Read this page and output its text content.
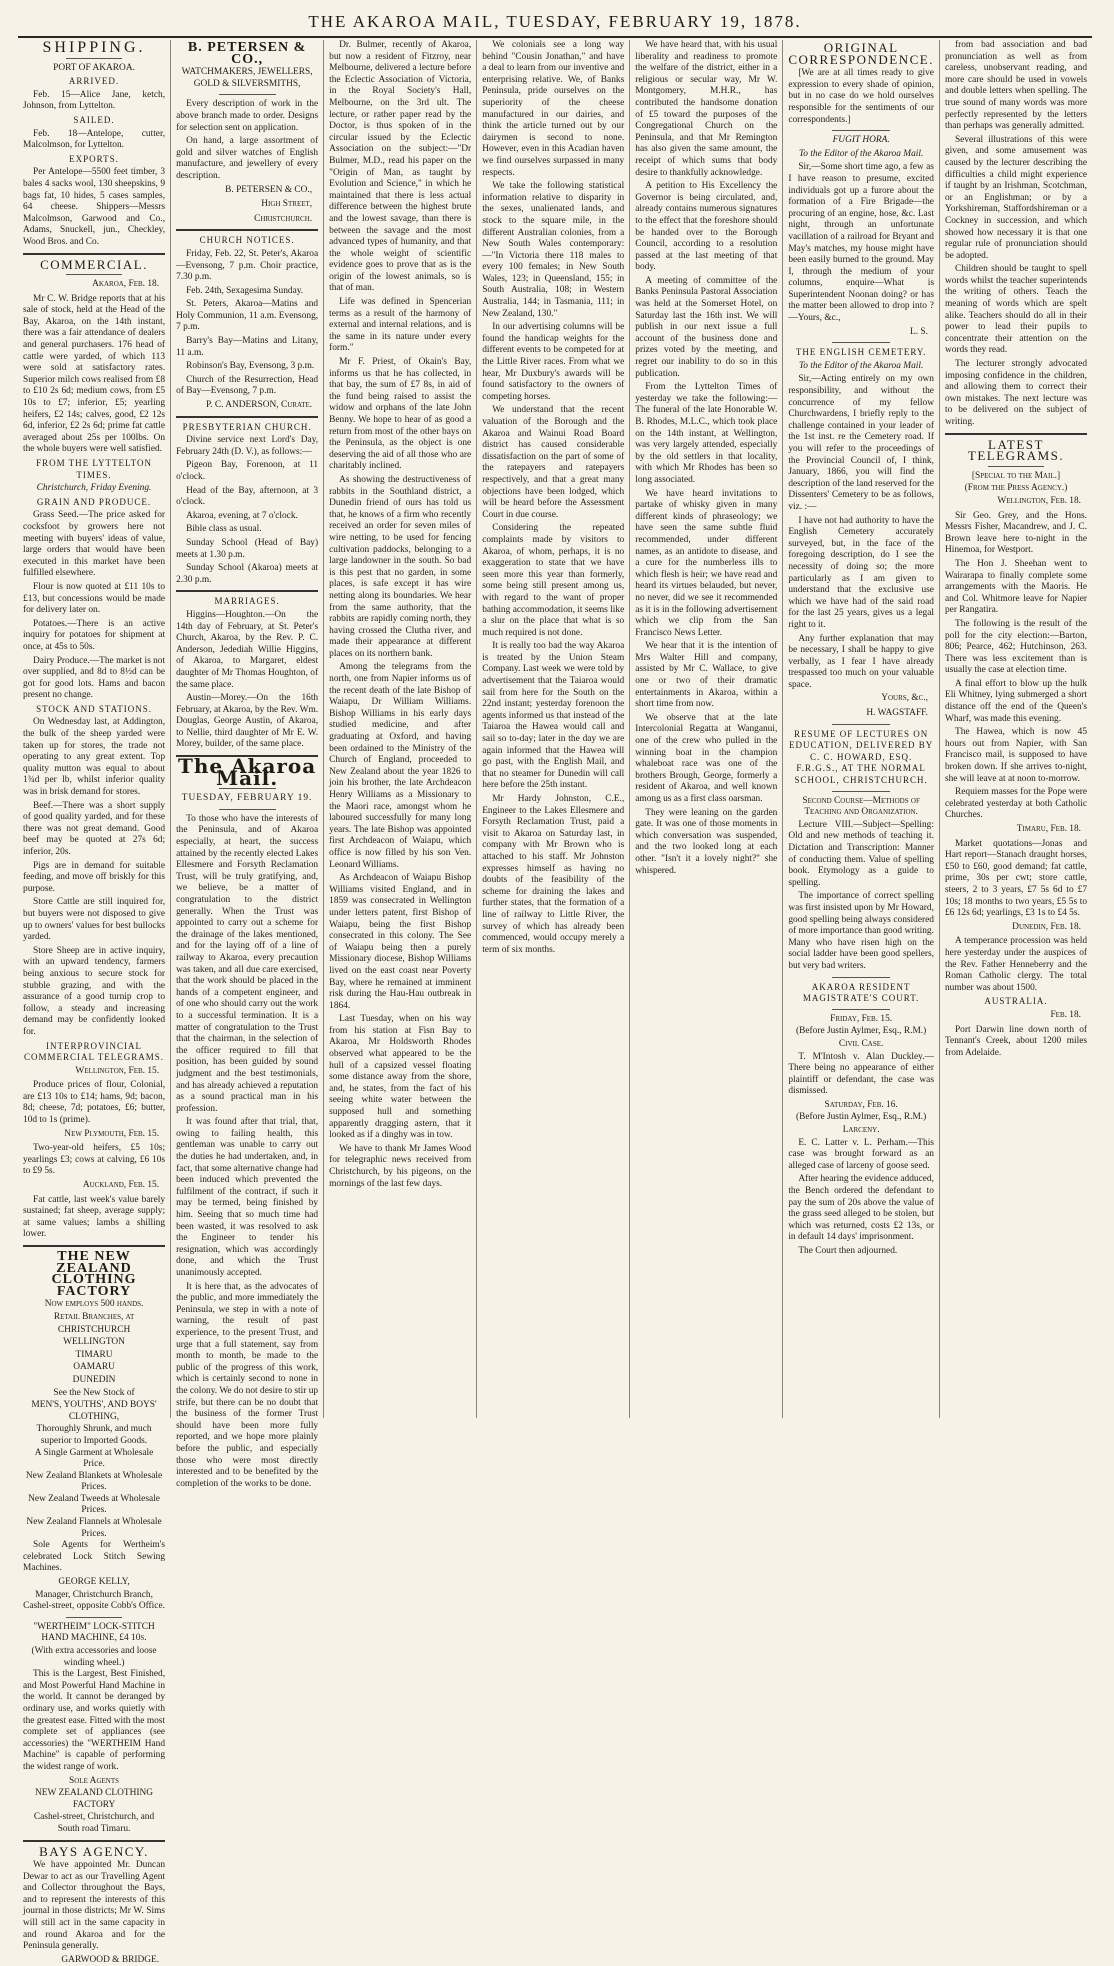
THE AKAROA MAIL, TUESDAY, FEBRUARY 19, 1878.
SHIPPING.
PORT OF AKAROA.
ARRIVED.

Feb. 15—Alice Jane, ketch, Johnson, from Lyttelton.

SAILED.

Feb. 18—Antelope, cutter, Malcolmson, for Lyttelton.

EXPORTS.

Per Antelope—5500 feet timber, 3 bales 4 sacks wool, 130 sheepskins, 9 bags fat, 10 hides, 5 cases samples, 64 cheese. Shippers—Messrs Malcolmson, Garwood and Co., Adams, Snuckell, jun., Checkley, Wood Bros. and Co.

COMMERCIAL.
Akaroa, Feb. 18.

Mr C. W. Bridge reports that at his sale of stock, held at the Head of the Bay, Akaroa, on the 14th instant, there was a fair attendance of dealers and general purchasers. 176 head of cattle were yarded, of which 113 were sold at satisfactory rates. Superior milch cows realised from £8 to £10 2s 6d; medium cows, from £5 10s to £7; inferior, £5; yearling heifers, £2 14s; calves, good, £2 12s 6d, inferior, £2 2s 6d; prime fat cattle averaged about 25s per 100lbs. On the whole buyers were well satisfied.

FROM THE LYTTELTON TIMES.
Christchurch, Friday Evening.
GRAIN AND PRODUCE.

Grass Seed.—The price asked for cocksfoot by growers here not meeting with buyers' ideas of value, large orders that would have been executed in this market have been fulfilled elsewhere.

Flour is now quoted at £11 10s to £13, but concessions would be made for delivery later on.

Potatoes.—There is an active inquiry for potatoes for shipment at once, at 45s to 50s.

Dairy Produce.—The market is not over supplied, and 8d to 8½d can be got for good lots. Hams and bacon present no change.

STOCK AND STATIONS.

On Wednesday last, at Addington, the bulk of the sheep yarded were taken up for stores, the trade not operating to any great extent. Top quality mutton was equal to about 1¾d per lb, whilst inferior quality was in brisk demand for stores.

Beef.—There was a short supply of good quality yarded, and for these there was not great demand. Good beef may be quoted at 27s 6d; inferior, 20s.

Pigs are in demand for suitable feeding, and move off briskly for this purpose.

Store Cattle are still inquired for, but buyers were not disposed to give up to owners' values for best bullocks yarded.

Store Sheep are in active inquiry, with an upward tendency, farmers being anxious to secure stock for stubble grazing, and with the assurance of a good turnip crop to follow, a steady and increasing demand may be confidently looked for.

INTERPROVINCIAL COMMERCIAL TELEGRAMS.
Wellington, Feb. 15.

Produce prices of flour, Colonial, are £13 10s to £14; hams, 9d; bacon, 8d; cheese, 7d; potatoes, £6; butter, 10d to 1s (prime).

New Plymouth, Feb. 15.

Two-year-old heifers, £5 10s; yearlings £3; cows at calving, £6 10s to £9 5s.

Auckland, Feb. 15.

Fat cattle, last week's value barely sustained; fat sheep, average supply; at same values; lambs a shilling lower.

THE NEW ZEALAND CLOTHING FACTORY
Now employs 500 hands.
Retail Branches, at
CHRISTCHURCH
WELLINGTON
TIMARU
OAMARU
DUNEDIN
See the New Stock of
MEN'S, YOUTHS', AND BOYS' CLOTHING,
Thoroughly Shrunk, and much superior to Imported Goods.
A Single Garment at Wholesale Price.
New Zealand Blankets at Wholesale Prices.
New Zealand Tweeds at Wholesale Prices.
New Zealand Flannels at Wholesale Prices.

Sole Agents for Wertheim's celebrated Lock Stitch Sewing Machines.

GEORGE KELLY,
Manager, Christchurch Branch,
Cashel-street, opposite Cobb's Office.
"WERTHEIM" LOCK-STITCH HAND MACHINE, £4 10s.
(With extra accessories and loose winding wheel.)

This is the Largest, Best Finished, and Most Powerful Hand Machine in the world. It cannot be deranged by ordinary use, and works quietly with the greatest ease. Fitted with the most complete set of appliances (see accessories) the "WERTHEIM Hand Machine" is capable of performing the widest range of work.

Sole Agents
NEW ZEALAND CLOTHING FACTORY
Cashel-street, Christchurch, and South road Timaru.
BAYS AGENCY.

We have appointed Mr. Duncan Dewar to act as our Travelling Agent and Collector throughout the Bays, and to represent the interests of this journal in those districts; Mr W. Sims will still act in the same capacity in and round Akaroa and for the Peninsula generally.

GARWOOD & BRIDGE.
B. PETERSEN & CO.,
WATCHMAKERS, JEWELLERS, GOLD & SILVERSMITHS,

Every description of work in the above branch made to order. Designs for selection sent on application.

On hand, a large assortment of gold and silver watches of English manufacture, and jewellery of every description.

B. PETERSEN & CO.,
High Street,
Christchurch.
CHURCH NOTICES.

Friday, Feb. 22, St. Peter's, Akaroa—Evensong, 7 p.m. Choir practice, 7.30 p.m.

Feb. 24th, Sexagesima Sunday.

St. Peters, Akaroa—Matins and Holy Communion, 11 a.m. Evensong, 7 p.m.

Barry's Bay—Matins and Litany, 11 a.m.

Robinson's Bay, Evensong, 3 p.m.

Church of the Resurrection, Head of Bay—Evensong, 7 p.m.

P. C. ANDERSON, Curate.
PRESBYTERIAN CHURCH.

Divine service next Lord's Day, February 24th (D. V.), as follows:—

Pigeon Bay, Forenoon, at 11 o'clock.

Head of the Bay, afternoon, at 3 o'clock.

Akaroa, evening, at 7 o'clock.

Bible class as usual.

Sunday School (Head of Bay) meets at 1.30 p.m.

Sunday School (Akaroa) meets at 2.30 p.m.

MARRIAGES.

Higgins—Houghton.—On the 14th day of February, at St. Peter's Church, Akaroa, by the Rev. P. C. Anderson, Jedediah Willie Higgins, of Akaroa, to Margaret, eldest daughter of Mr Thomas Houghton, of the same place.

Austin—Morey.—On the 16th February, at Akaroa, by the Rev. Wm. Douglas, George Austin, of Akaroa, to Nellie, third daughter of Mr E. W. Morey, builder, of the same place.

The Akaroa Mail.
TUESDAY, FEBRUARY 19.

To those who have the interests of the Peninsula, and of Akaroa especially, at heart, the success attained by the recently elected Lakes Ellesmere and Forsyth Reclamation Trust, will be truly gratifying, and, we believe, be a matter of congratulation to the district generally. When the Trust was appointed to carry out a scheme for the drainage of the lakes mentioned, and for the laying off of a line of railway to Akaroa, every precaution was taken, and all due care exercised, that the work should be placed in the hands of a competent engineer, and of one who should carry out the work to a successful termination. It is a matter of congratulation to the Trust that the chairman, in the selection of the officer required to fill that position, has been guided by sound judgment and the best testimonials, and has already achieved a reputation as a sound practical man in his profession.

It was found after that trial, that, owing to failing health, this gentleman was unable to carry out the duties he had undertaken, and, in fact, that some alternative change had been induced which prevented the fulfilment of the contract, if such it may be termed, being finished by him. Seeing that so much time had been wasted, it was resolved to ask the Engineer to tender his resignation, which was accordingly done, and which the Trust unanimously accepted.

It is here that, as the advocates of the public, and more immediately the Peninsula, we step in with a note of warning, the result of past experience, to the present Trust, and urge that a full statement, say from month to month, be made to the public of the progress of this work, which is certainly second to none in the colony. We do not desire to stir up strife, but there can be no doubt that the business of the former Trust should have been more fully reported, and we hope more plainly before the public, and especially those who were most directly interested and to be benefited by the completion of the works to be done.

Dr. Bulmer, recently of Akaroa, but now a resident of Fitzroy, near Melbourne, delivered a lecture before the Eclectic Association of Victoria, in the Royal Society's Hall, Melbourne, on the 3rd ult. The lecture, or rather paper read by the Doctor, is thus spoken of in the circular issued by the Eclectic Association on the subject:—"Dr Bulmer, M.D., read his paper on the "Origin of Man, as taught by Evolution and Science," in which he maintained that there is less actual difference between the highest brute and the lowest savage, than there is between the savage and the most advanced types of humanity, and that the whole weight of scientific evidence goes to prove that as is the origin of the lowest animals, so is that of man.

Life was defined in Spencerian terms as a result of the harmony of external and internal relations, and is the same in its nature under every form."

Mr F. Priest, of Okain's Bay, informs us that he has collected, in that bay, the sum of £7 8s, in aid of the fund being raised to assist the widow and orphans of the late John Benny. We hope to hear of as good a return from most of the other bays on the Peninsula, as the object is one deserving the aid of all those who are charitably inclined.

As showing the destructiveness of rabbits in the Southland district, a Dunedin friend of ours has told us that, he knows of a firm who recently received an order for seven miles of wire netting, to be used for fencing cultivation paddocks, belonging to a large landowner in the south. So bad is this pest that no garden, in some places, is safe except it has wire netting along its boundaries. We hear from the same authority, that the rabbits are rapidly coming north, they having crossed the Clutha river, and made their appearance at different places on its northern bank.

Among the telegrams from the north, one from Napier informs us of the recent death of the late Bishop of Waiapu, Dr William Williams. Bishop Williams in his early days studied medicine, and after graduating at Oxford, and having been ordained to the Ministry of the Church of England, proceeded to New Zealand about the year 1826 to join his brother, the late Archdeacon Henry Williams as a Missionary to the Maori race, amongst whom he laboured successfully for many long years. The late Bishop was appointed first Archdeacon of Waiapu, which office is now filled by his son Ven. Leonard Williams.

As Archdeacon of Waiapu Bishop Williams visited England, and in 1859 was consecrated in Wellington under letters patent, first Bishop of Waiapu, being the first Bishop consecrated in this colony. The See of Waiapu being then a purely Missionary diocese, Bishop Williams lived on the east coast near Poverty Bay, where he remained at imminent risk during the Hau-Hau outbreak in 1864.

Last Tuesday, when on his way from his station at Fisn Bay to Akaroa, Mr Holdsworth Rhodes observed what appeared to be the hull of a capsized vessel floating some distance away from the shore, and, he states, from the fact of his seeing white water between the supposed hull and something apparently dragging astern, that it looked as if a dinghy was in tow.

We have to thank Mr James Wood for telegraphic news received from Christchurch, by his pigeons, on the mornings of the last few days.

We colonials see a long way behind "Cousin Jonathan," and have a deal to learn from our inventive and enterprising relative. We, of Banks Peninsula, pride ourselves on the superiority of the cheese manufactured in our dairies, and think the article turned out by our dairymen is second to none. However, even in this Acadian haven we find ourselves surpassed in many respects.

We take the following statistical information relative to disparity in the sexes, unalienated lands, and stock to the square mile, in the different Australian colonies, from a New South Wales contemporary:—"In Victoria there 118 males to every 100 females; in New South Wales, 123; in Queensland, 155; in South Australia, 108; in Western Australia, 144; in Tasmania, 111; in New Zealand, 130."

In our advertising columns will be found the handicap weights for the different events to be competed for at the Little River races. From what we hear, Mr Duxbury's awards will be found satisfactory to the owners of competing horses.

We understand that the recent valuation of the Borough and the Akaroa and Wainui Road Board district has caused considerable dissatisfaction on the part of some of the ratepayers and ratepayers respectively, and that a great many objections have been lodged, which will be heard before the Assessment Court in due course.

Considering the repeated complaints made by visitors to Akaroa, of whom, perhaps, it is no exaggeration to state that we have seen more this year than formerly, some being still present among us, with regard to the want of proper bathing accommodation, it seems like a slur on the place that what is so much required is not done.

It is really too bad the way Akaroa is treated by the Union Steam Company. Last week we were told by advertisement that the Taiaroa would sail from here for the South on the 22nd instant; yesterday forenoon the agents informed us that instead of the Taiaroa the Hawea would call and sail so to-day; later in the day we are again informed that the Hawea will go past, with the English Mail, and that no steamer for Dunedin will call here before the 25th instant.

Mr Hardy Johnston, C.E., Engineer to the Lakes Ellesmere and Forsyth Reclamation Trust, paid a visit to Akaroa on Saturday last, in company with Mr Brown who is attached to his staff. Mr Johnston expresses himself as having no doubts of the feasibility of the scheme for draining the lakes and further states, that the formation of a line of railway to Little River, the survey of which has already been commenced, would occupy merely a term of six months.

We have heard that, with his usual liberality and readiness to promote the welfare of the district, either in a religious or secular way, Mr W. Montgomery, M.H.R., has contributed the handsome donation of £5 toward the purposes of the Congregational Church on the Peninsula, and that Mr Remington has also given the same amount, the receipt of which sums that body desire to thankfully acknowledge.

A petition to His Excellency the Governor is being circulated, and, already contains numerous signatures to the effect that the foreshore should be handed over to the Borough Council, according to a resolution passed at the last meeting of that body.

A meeting of committee of the Banks Peninsula Pastoral Association was held at the Somerset Hotel, on Saturday last the 16th inst. We will publish in our next issue a full account of the business done and prizes voted by the meeting, and regret our inability to do so in this publication.

From the Lyttelton Times of yesterday we take the following:—The funeral of the late Honorable W. B. Rhodes, M.L.C., which took place on the 14th instant, at Wellington, was very largely attended, especially by the old settlers in that locality, with which Mr Rhodes has been so long associated.

We have heard invitations to partake of whisky given in many different kinds of phraseology; we have seen the same subtle fluid recommended, under different names, as an antidote to disease, and a cure for the numberless ills to which flesh is heir; we have read and heard its virtues belauded, but never, no never, did we see it recommended as it is in the following advertisement which we clip from the San Francisco News Letter.

We hear that it is the intention of Mrs Walter Hill and company, assisted by Mr C. Wallace, to give one or two of their dramatic entertainments in Akaroa, within a short time from now.

We observe that at the late Intercolonial Regatta at Wanganui, one of the crew who pulled in the winning boat in the champion whaleboat race was one of the brothers Brough, George, formerly a resident of Akaroa, and well known among us as a first class oarsman.

They were leaning on the garden gate. It was one of those moments in which conversation was suspended, and the two looked long at each other. "Isn't it a lovely night?" she whispered.

ORIGINAL CORRESPONDENCE.

[We are at all times ready to give expression to every shade of opinion, but in no case do we hold ourselves responsible for the sentiments of our correspondents.]

FUGIT HORA.
To the Editor of the Akaroa Mail.

Sir,—Some short time ago, a few as I have reason to presume, excited individuals got up a furore about the formation of a Fire Brigade—the procuring of an engine, hose, &c. Last night, through an unfortunate vacillation of a railroad for Bryant and May's matches, my house might have been easily burned to the ground. May I, through the medium of your columns, enquire—What is Superintendent Noonan doing? or has the matter been allowed to drop into ?—Yours, &c.,

L. S.
THE ENGLISH CEMETERY.
To the Editor of the Akaroa Mail.

Sir,—Acting entirely on my own responsibility, and without the concurrence of my fellow Churchwardens, I briefly reply to the challenge contained in your leader of the 1st inst. re the Cemetery road. If you will refer to the proceedings of the Provincial Council of, I think, January, 1866, you will find the description of the land reserved for the Dissenters' Cemetery to be as follows, viz. :—

I have not had authority to have the English Cemetery accurately surveyed, but, in the face of the foregoing description, do I see the necessity of doing so; the more particularly as I am given to understand that the exclusive use which we have had of the said road for the last 25 years, gives us a legal right to it.

Any further explanation that may be necessary, I shall be happy to give verbally, as I fear I have already trespassed too much on your valuable space.

Yours, &c.,
H. WAGSTAFF.
RESUME OF LECTURES ON EDUCATION, DELIVERED BY C. C. HOWARD, ESQ. F.R.G.S., AT THE NORMAL SCHOOL, CHRISTCHURCH.
Second Course—Methods of Teaching and Organization.

Lecture VIII.—Subject—Spelling: Old and new methods of teaching it. Dictation and Transcription: Manner of conducting them. Value of spelling book. Etymology as a guide to spelling.

The importance of correct spelling was first insisted upon by Mr Howard, good spelling being always considered of more importance than good writing. Many who have risen high on the social ladder have been good spellers, but very bad writers.

AKAROA RESIDENT MAGISTRATE'S COURT.
Friday, Feb. 15.
(Before Justin Aylmer, Esq., R.M.)
Civil Case.

T. M'Intosh v. Alan Duckley.—There being no appearance of either plaintiff or defendant, the case was dismissed.

Saturday, Feb. 16.
(Before Justin Aylmer, Esq., R.M.)
Larceny.

E. C. Latter v. L. Perham.—This case was brought forward as an alleged case of larceny of goose seed.

After hearing the evidence adduced, the Bench ordered the defendant to pay the sum of 20s above the value of the grass seed alleged to be stolen, but which was returned, costs £2 13s, or in default 14 days' imprisonment.

The Court then adjourned.

from bad association and bad pronunciation as well as from careless, unobservant reading, and more care should be used in vowels and double letters when spelling. The true sound of many words was more perfectly represented by the letters than perhaps was generally admitted.

Several illustrations of this were given, and some amusement was caused by the lecturer describing the difficulties a child might experience if taught by an Irishman, Scotchman, or an Englishman; or by a Yorkshireman, Staffordshireman or a Cockney in succession, and which showed how necessary it is that one regular rule of pronunciation should be adopted.

Children should be taught to spell words whilst the teacher superintends the writing of others. Teach the meaning of words which are spelt alike. Teachers should do all in their power to lead their pupils to concentrate their attention on the words they read.

The lecturer strongly advocated imposing confidence in the children, and allowing them to correct their own mistakes. The next lecture was to be delivered on the subject of writing.

LATEST TELEGRAMS.
[Special to the Mail.]
(From the Press Agency.)
Wellington, Feb. 18.

Sir Geo. Grey, and the Hons. Messrs Fisher, Macandrew, and J. C. Brown leave here to-night in the Hinemoa, for Westport.

The Hon J. Sheehan went to Wairarapa to finally complete some arrangements with the Maoris. He and Col. Whitmore leave for Napier per Rangatira.

The following is the result of the poll for the city election:—Barton, 806; Pearce, 462; Hutchinson, 263. There was less excitement than is usually the case at election time.

A final effort to blow up the hulk Eli Whitney, lying submerged a short distance off the end of the Queen's Wharf, was made this evening.

The Hawea, which is now 45 hours out from Napier, with San Francisco mail, is supposed to have broken down. If she arrives to-night, she will leave at at noon to-morrow.

Requiem masses for the Pope were celebrated yesterday at both Catholic Churches.

Timaru, Feb. 18.

Market quotations—Jonas and Hart report—Stanach draught horses, £50 to £60, good demand; fat cattle, prime, 30s per cwt; store cattle, steers, 2 to 3 years, £7 5s 6d to £7 10s; 18 months to two years, £5 5s to £6 12s 6d; yearlings, £3 1s to £4 5s.

Dunedin, Feb. 18.

A temperance procession was held here yesterday under the auspices of the Rev. Father Henneberry and the Roman Catholic clergy. The total number was about 1500.

AUSTRALIA.
Feb. 18.

Port Darwin line down north of Tennant's Creek, about 1200 miles from Adelaide.
